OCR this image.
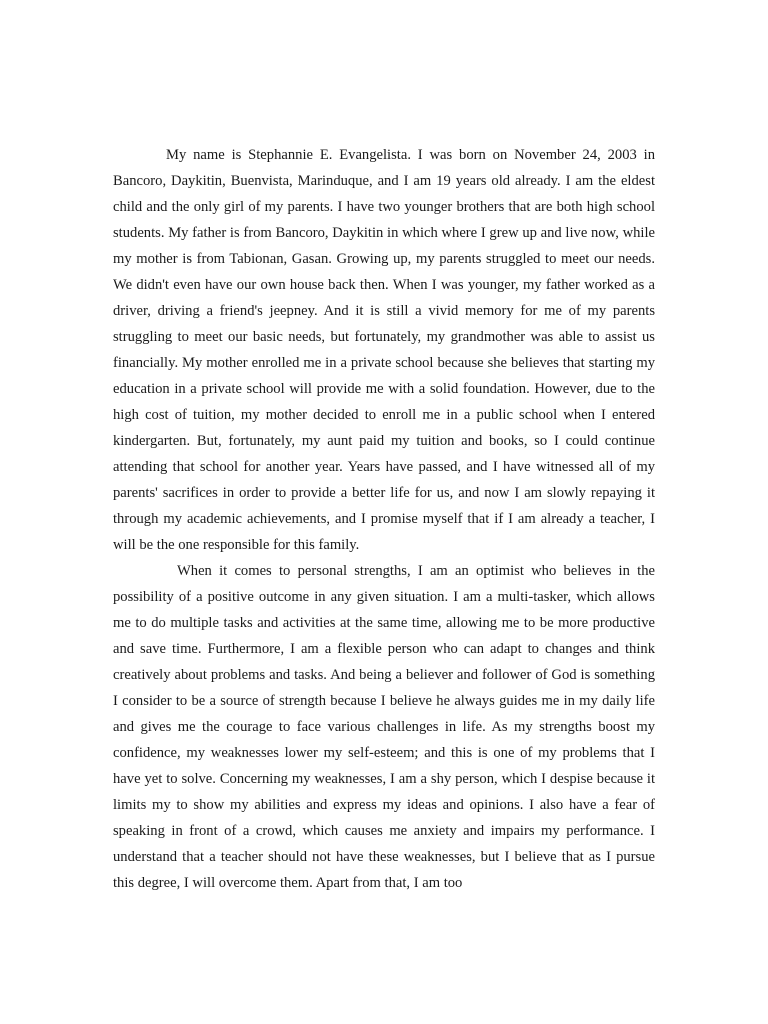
My name is Stephannie E. Evangelista. I was born on November 24, 2003 in Bancoro, Daykitin, Buenvista, Marinduque, and I am 19 years old already. I am the eldest child and the only girl of my parents. I have two younger brothers that are both high school students. My father is from Bancoro, Daykitin in which where I grew up and live now, while my mother is from Tabionan, Gasan. Growing up, my parents struggled to meet our needs. We didn't even have our own house back then. When I was younger, my father worked as a driver, driving a friend's jeepney. And it is still a vivid memory for me of my parents struggling to meet our basic needs, but fortunately, my grandmother was able to assist us financially. My mother enrolled me in a private school because she believes that starting my education in a private school will provide me with a solid foundation. However, due to the high cost of tuition, my mother decided to enroll me in a public school when I entered kindergarten. But, fortunately, my aunt paid my tuition and books, so I could continue attending that school for another year. Years have passed, and I have witnessed all of my parents' sacrifices in order to provide a better life for us, and now I am slowly repaying it through my academic achievements, and I promise myself that if I am already a teacher, I will be the one responsible for this family.

When it comes to personal strengths, I am an optimist who believes in the possibility of a positive outcome in any given situation. I am a multi-tasker, which allows me to do multiple tasks and activities at the same time, allowing me to be more productive and save time. Furthermore, I am a flexible person who can adapt to changes and think creatively about problems and tasks. And being a believer and follower of God is something I consider to be a source of strength because I believe he always guides me in my daily life and gives me the courage to face various challenges in life. As my strengths boost my confidence, my weaknesses lower my self-esteem; and this is one of my problems that I have yet to solve. Concerning my weaknesses, I am a shy person, which I despise because it limits my to show my abilities and express my ideas and opinions. I also have a fear of speaking in front of a crowd, which causes me anxiety and impairs my performance. I understand that a teacher should not have these weaknesses, but I believe that as I pursue this degree, I will overcome them. Apart from that, I am too
